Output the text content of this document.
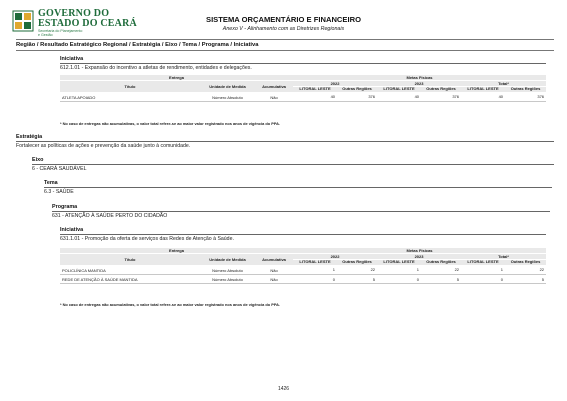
GOVERNO DO
ESTADO DO CEARÁ
Secretaria do Planejamento
e Gestão
SISTEMA ORÇAMENTÁRIO E FINANCEIRO
Anexo V - Alinhamento com as Diretrizes Regionais
Região / Resultado Estratégico Regional / Estratégia / Eixo / Tema / Programa / Iniciativa
Iniciativa
612.1.01 - Expansão do incentivo a atletas de rendimento, entidades e delegações.
Entrega			Metas Físicas					
Título	Unidade de Medida	Acumulativa	2022		2023		Total*	
			LITORAL LESTE	Outras Regiões	LITORAL LESTE	Outras Regiões	LITORAL LESTE	Outras Regiões

ATLETA APOIADO	Número Absoluto	Não	40	376	40	376	40	376
* No caso de entregas não acumulativas, o valor total refere-se ao maior valor registrado nos anos de vigência do PPA.
Estratégia
Fortalecer as políticas de ações e prevenção da saúde junto à comunidade.
Eixo
6 - CEARÁ SAUDÁVEL
Tema
6.3 - SAÚDE
Programa
631 - ATENÇÃO À SAÚDE PERTO DO CIDADÃO
Iniciativa
631.1.01 - Promoção da oferta de serviços das Redes de Atenção à Saúde.
Entrega			Metas Físicas					
Título	Unidade de Medida	Acumulativa	2022		2023		Total*	
			LITORAL LESTE	Outras Regiões	LITORAL LESTE	Outras Regiões	LITORAL LESTE	Outras Regiões

POLICLÍNICA MANTIDA	Número Absoluto	Não	1	22	1	22	1	22
REDE DE ATENÇÃO À SAÚDE MANTIDA	Número Absoluto	Não	0	5	0	5	0	5
* No caso de entregas não acumulativas, o valor total refere-se ao maior valor registrado nos anos de vigência do PPA.
1426
